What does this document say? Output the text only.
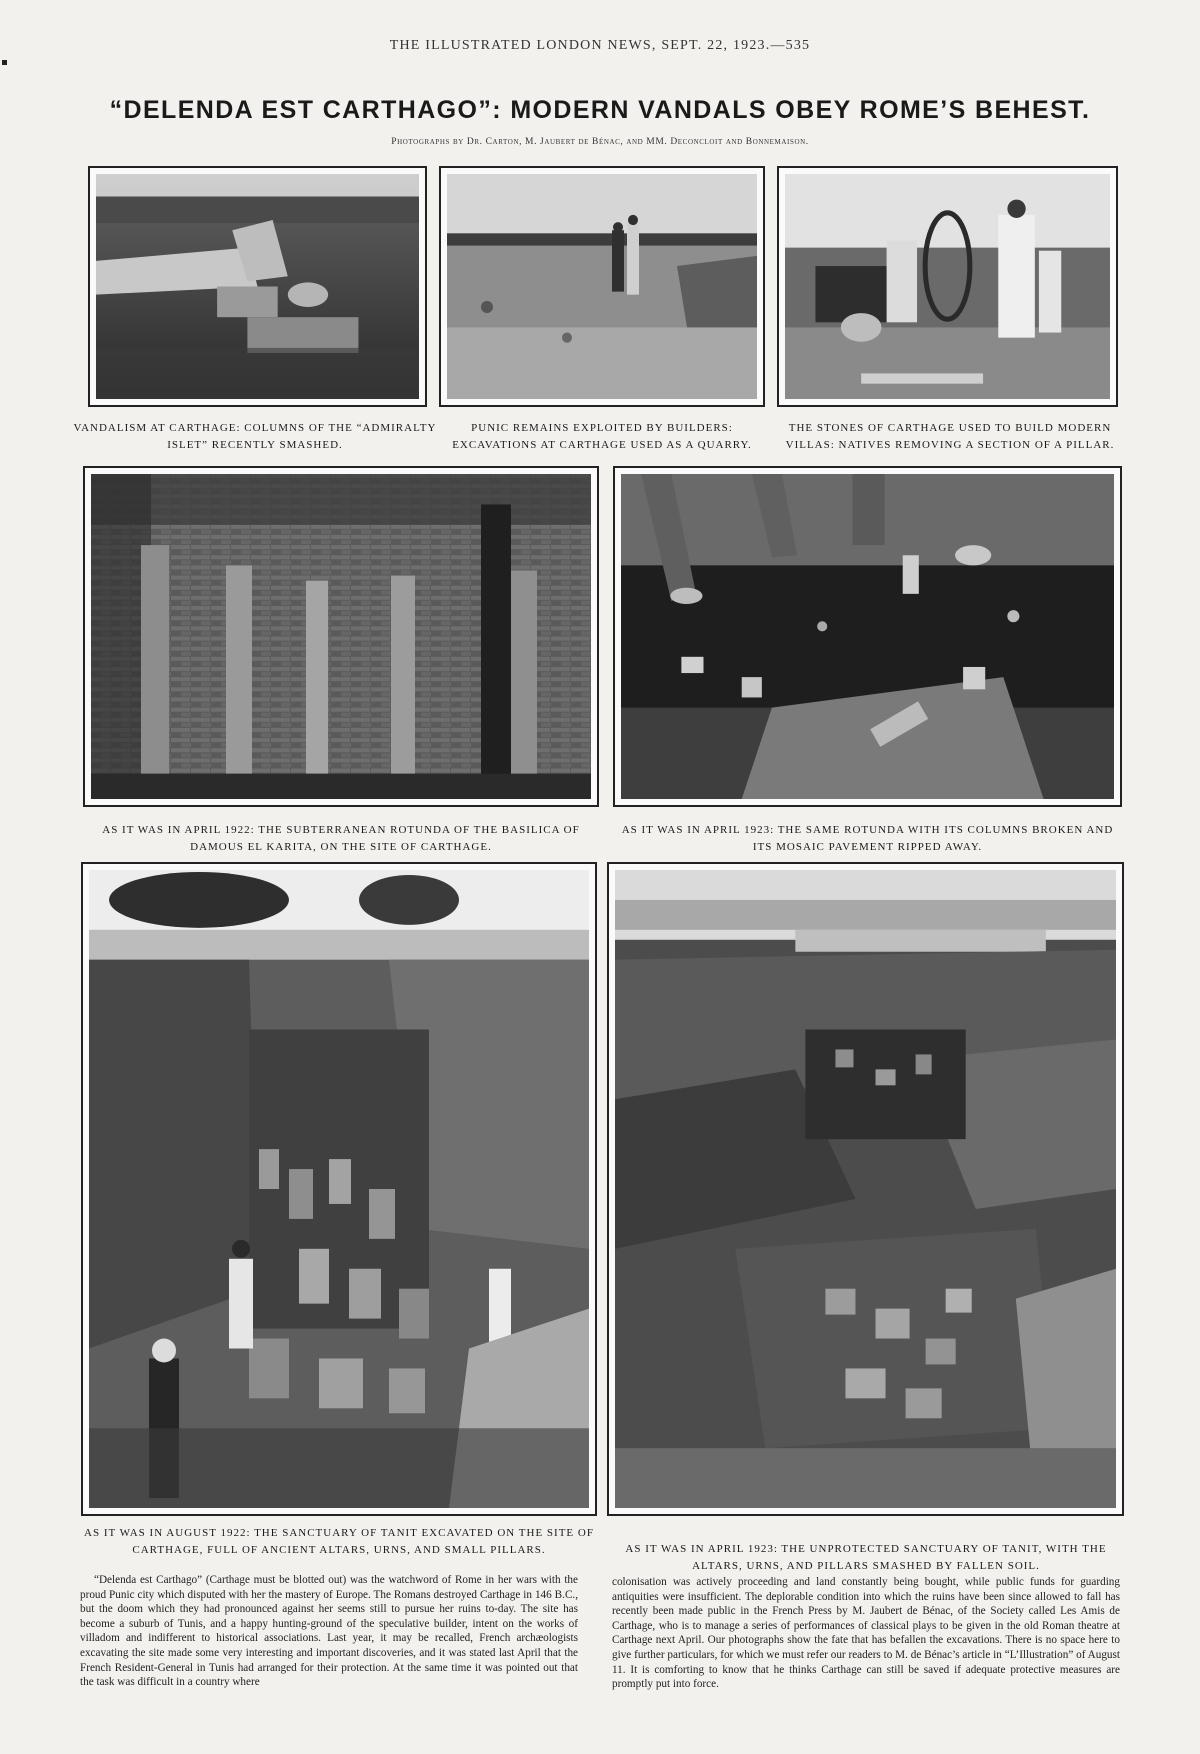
THE ILLUSTRATED LONDON NEWS, SEPT. 22, 1923.—535
“DELENDA EST CARTHAGO”: MODERN VANDALS OBEY ROME’S BEHEST.
Photographs by Dr. Carton, M. Jaubert de Bénac, and MM. Deconcloit and Bonnemaison.
VANDALISM AT CARTHAGE: COLUMNS OF THE “ADMIRALTY ISLET” RECENTLY SMASHED.
PUNIC REMAINS EXPLOITED BY BUILDERS: EXCAVATIONS AT CARTHAGE USED AS A QUARRY.
THE STONES OF CARTHAGE USED TO BUILD MODERN VILLAS: NATIVES REMOVING A SECTION OF A PILLAR.
AS IT WAS IN APRIL 1922: THE SUBTERRANEAN ROTUNDA OF THE BASILICA OF DAMOUS EL KARITA, ON THE SITE OF CARTHAGE.
AS IT WAS IN APRIL 1923: THE SAME ROTUNDA WITH ITS COLUMNS BROKEN AND ITS MOSAIC PAVEMENT RIPPED AWAY.
AS IT WAS IN AUGUST 1922: THE SANCTUARY OF TANIT EXCAVATED ON THE SITE OF CARTHAGE, FULL OF ANCIENT ALTARS, URNS, AND SMALL PILLARS.	AS IT WAS IN APRIL 1923: THE UNPROTECTED SANCTUARY OF TANIT, WITH THE ALTARS, URNS, AND PILLARS SMASHED BY FALLEN SOIL.
“Delenda est Carthago” (Carthage must be blotted out) was the watchword of Rome in her wars with the proud Punic city which disputed with her the mastery of Europe. The Romans destroyed Carthage in 146 B.C., but the doom which they had pronounced against her seems still to pursue her ruins to-day. The site has become a suburb of Tunis, and a happy hunting-ground of the speculative builder, intent on the works of villadom and indifferent to historical associations. Last year, it may be recalled, French archæologists excavating the site made some very interesting and important discoveries, and it was stated last April that the French Resident-General in Tunis had arranged for their protection. At the same time it was pointed out that the task was difficult in a country where
colonisation was actively proceeding and land constantly being bought, while public funds for guarding antiquities were insufficient. The deplorable condition into which the ruins have been since allowed to fall has recently been made public in the French Press by M. Jaubert de Bénac, of the Society called Les Amis de Carthage, who is to manage a series of performances of classical plays to be given in the old Roman theatre at Carthage next April. Our photographs show the fate that has befallen the excavations. There is no space here to give further particulars, for which we must refer our readers to M. de Bénac’s article in “L’Illustration” of August 11. It is comforting to know that he thinks Carthage can still be saved if adequate protective measures are promptly put into force.
